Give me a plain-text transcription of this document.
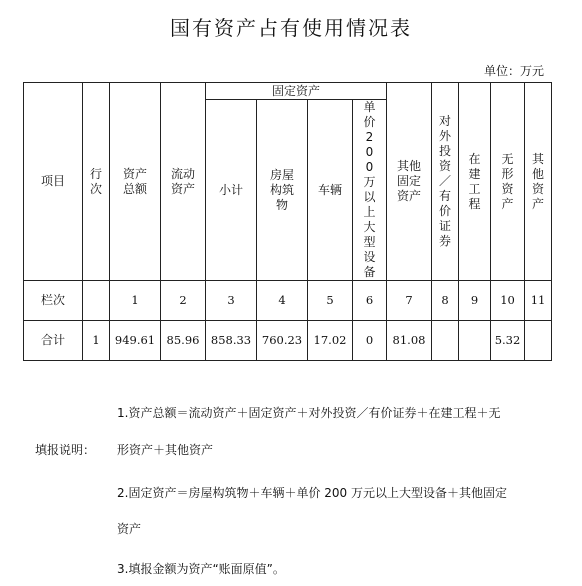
国有资产占有使用情况表
单位：万元
项目	行次	资产总额	流动资产	固定资产				其他固定资产	对外投资／有价证券	在建工程	无形资产	其他资产
				小计	房屋构筑物	车辆	单价200万以上大型设备					
栏次		1	2	3	4	5	6	7	8	9	10	11
合计	1	949.61	85.96	858.33	760.23	17.02	0	81.08			5.32	
1.资产总额＝流动资产＋固定资产＋对外投资／有价证券＋在建工程＋无
填报说明： 形资产＋其他资产
2.固定资产＝房屋构筑物＋车辆＋单价 200 万元以上大型设备＋其他固定
资产
3.填报金额为资产“账面原值”。
